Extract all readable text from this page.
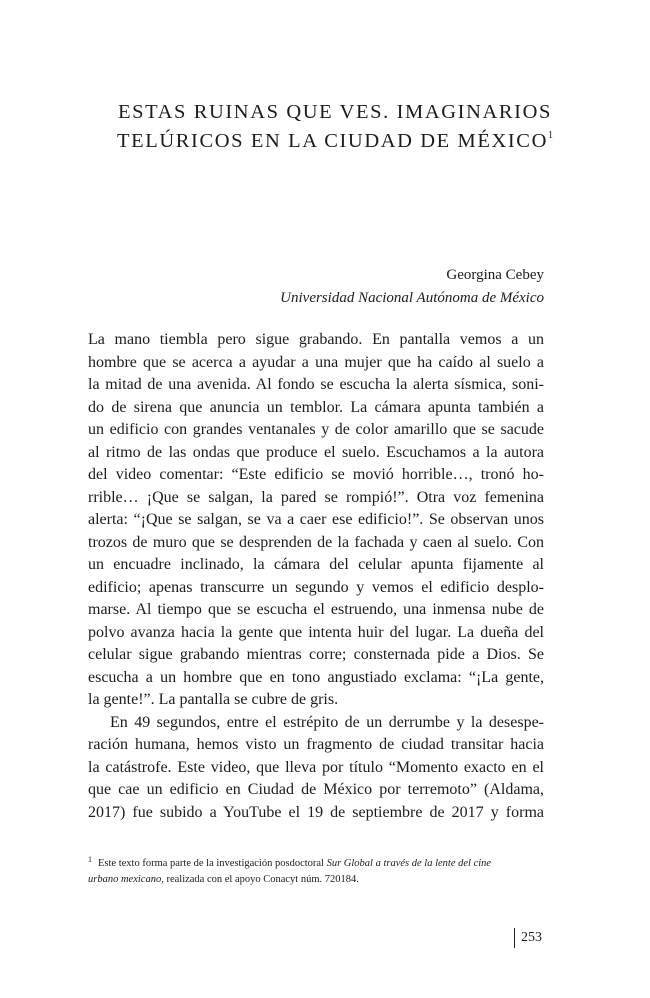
ESTAS RUINAS QUE VES. IMAGINARIOS
TELÚRICOS EN LA CIUDAD DE MÉXICO$^1$
Georgina Cebey
Universidad Nacional Autónoma de México
La mano tiembla pero sigue grabando. En pantalla vemos a un
hombre que se acerca a ayudar a una mujer que ha caído al suelo a
la mitad de una avenida. Al fondo se escucha la alerta sísmica, soni-
do de sirena que anuncia un temblor. La cámara apunta también a
un edificio con grandes ventanales y de color amarillo que se sacude
al ritmo de las ondas que produce el suelo. Escuchamos a la autora
del video comentar: “Este edificio se movió horrible…, tronó ho-
rrible… ¡Que se salgan, la pared se rompió!”. Otra voz femenina
alerta: “¡Que se salgan, se va a caer ese edificio!”. Se observan unos
trozos de muro que se desprenden de la fachada y caen al suelo. Con
un encuadre inclinado, la cámara del celular apunta fijamente al
edificio; apenas transcurre un segundo y vemos el edificio desplo-
marse. Al tiempo que se escucha el estruendo, una inmensa nube de
polvo avanza hacia la gente que intenta huir del lugar. La dueña del
celular sigue grabando mientras corre; consternada pide a Dios. Se
escucha a un hombre que en tono angustiado exclama: “¡La gente,
la gente!”. La pantalla se cubre de gris.
En 49 segundos, entre el estrépito de un derrumbe y la desespe-
ración humana, hemos visto un fragmento de ciudad transitar hacia
la catástrofe. Este video, que lleva por título “Momento exacto en el
que cae un edificio en Ciudad de México por terremoto” (Aldama,
2017) fue subido a YouTube el 19 de septiembre de 2017 y forma
1 Este texto forma parte de la investigación posdoctoral Sur Global a través de la lente del cine
urbano mexicano, realizada con el apoyo Conacyt núm. 720184.
253
